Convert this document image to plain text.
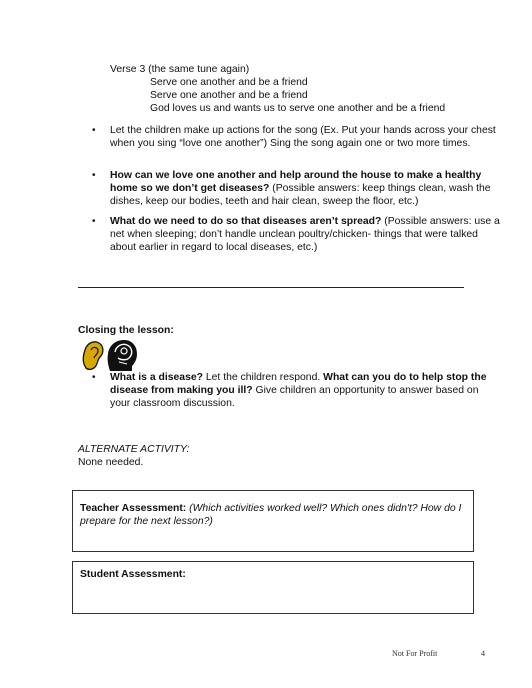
Verse 3 (the same tune again)
Serve one another and be a friend
Serve one another and be a friend
God loves us and wants us to serve one another and be a friend
• Let the children make up actions for the song (Ex. Put your hands across your chest when you sing “love one another”) Sing the song again one or two more times.
• How can we love one another and help around the house to make a healthy home so we don’t get diseases? (Possible answers: keep things clean, wash the dishes, keep our bodies, teeth and hair clean, sweep the floor, etc.)
• What do we need to do so that diseases aren’t spread? (Possible answers: use a net when sleeping; don’t handle unclean poultry/chicken- things that were talked about earlier in regard to local diseases, etc.)
Closing the lesson:
• What is a disease? Let the children respond. What can you do to help stop the disease from making you ill? Give children an opportunity to answer based on your classroom discussion.
ALTERNATE ACTIVITY:
None needed.
Teacher Assessment: (Which activities worked well? Which ones didn't? How do I prepare for the next lesson?)
Student Assessment:
Not For Profit	4
